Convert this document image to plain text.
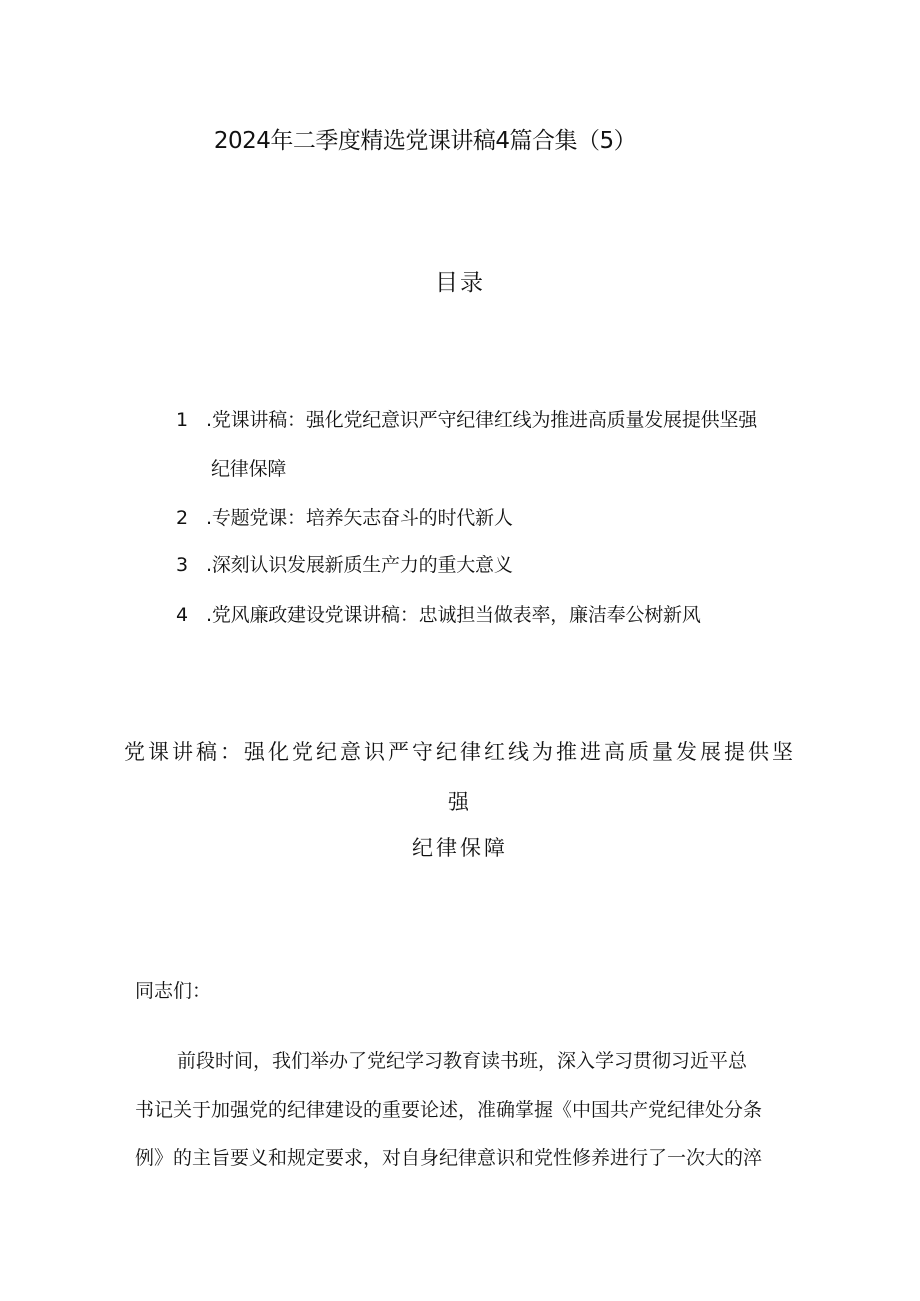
2024年二季度精选党课讲稿4篇合集（5）
目录
1 .党课讲稿：强化党纪意识严守纪律红线为推进高质量发展提供坚强
纪律保障
2 .专题党课：培养矢志奋斗的时代新人
3 .深刻认识发展新质生产力的重大意义
4 .党风廉政建设党课讲稿：忠诚担当做表率，廉洁奉公树新风
党课讲稿：强化党纪意识严守纪律红线为推进高质量发展提供坚
强
纪律保障
同志们：
前段时间，我们举办了党纪学习教育读书班，深入学习贯彻习近平总
书记关于加强党的纪律建设的重要论述，准确掌握《中国共产党纪律处分条
例》的主旨要义和规定要求，对自身纪律意识和党性修养进行了一次大的淬
